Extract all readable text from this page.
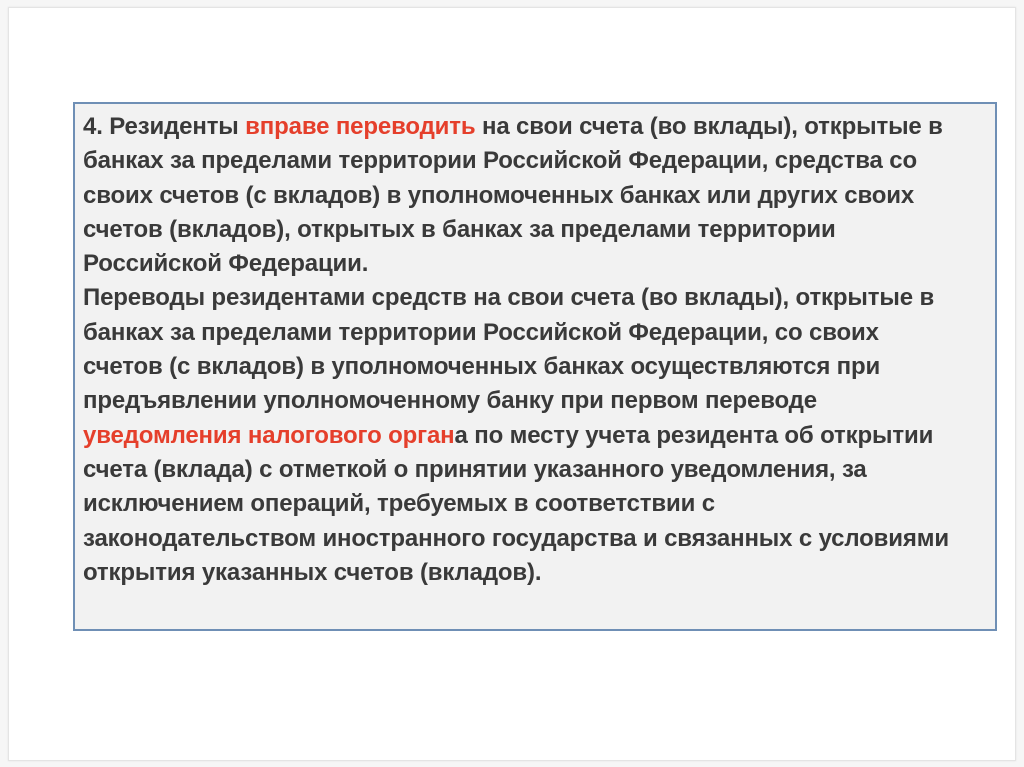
4. Резиденты вправе переводить на свои счета (во вклады), открытые в
банках за пределами территории Российской Федерации, средства со
своих счетов (с вкладов) в уполномоченных банках или других своих
счетов (вкладов), открытых в банках за пределами территории
Российской Федерации.
Переводы резидентами средств на свои счета (во вклады), открытые в
банках за пределами территории Российской Федерации, со своих
счетов (с вкладов) в уполномоченных банках осуществляются при
предъявлении уполномоченному банку при первом переводе
уведомления налогового органа по месту учета резидента об открытии
счета (вклада) с отметкой о принятии указанного уведомления, за
исключением операций, требуемых в соответствии с
законодательством иностранного государства и связанных с условиями
открытия указанных счетов (вкладов).
